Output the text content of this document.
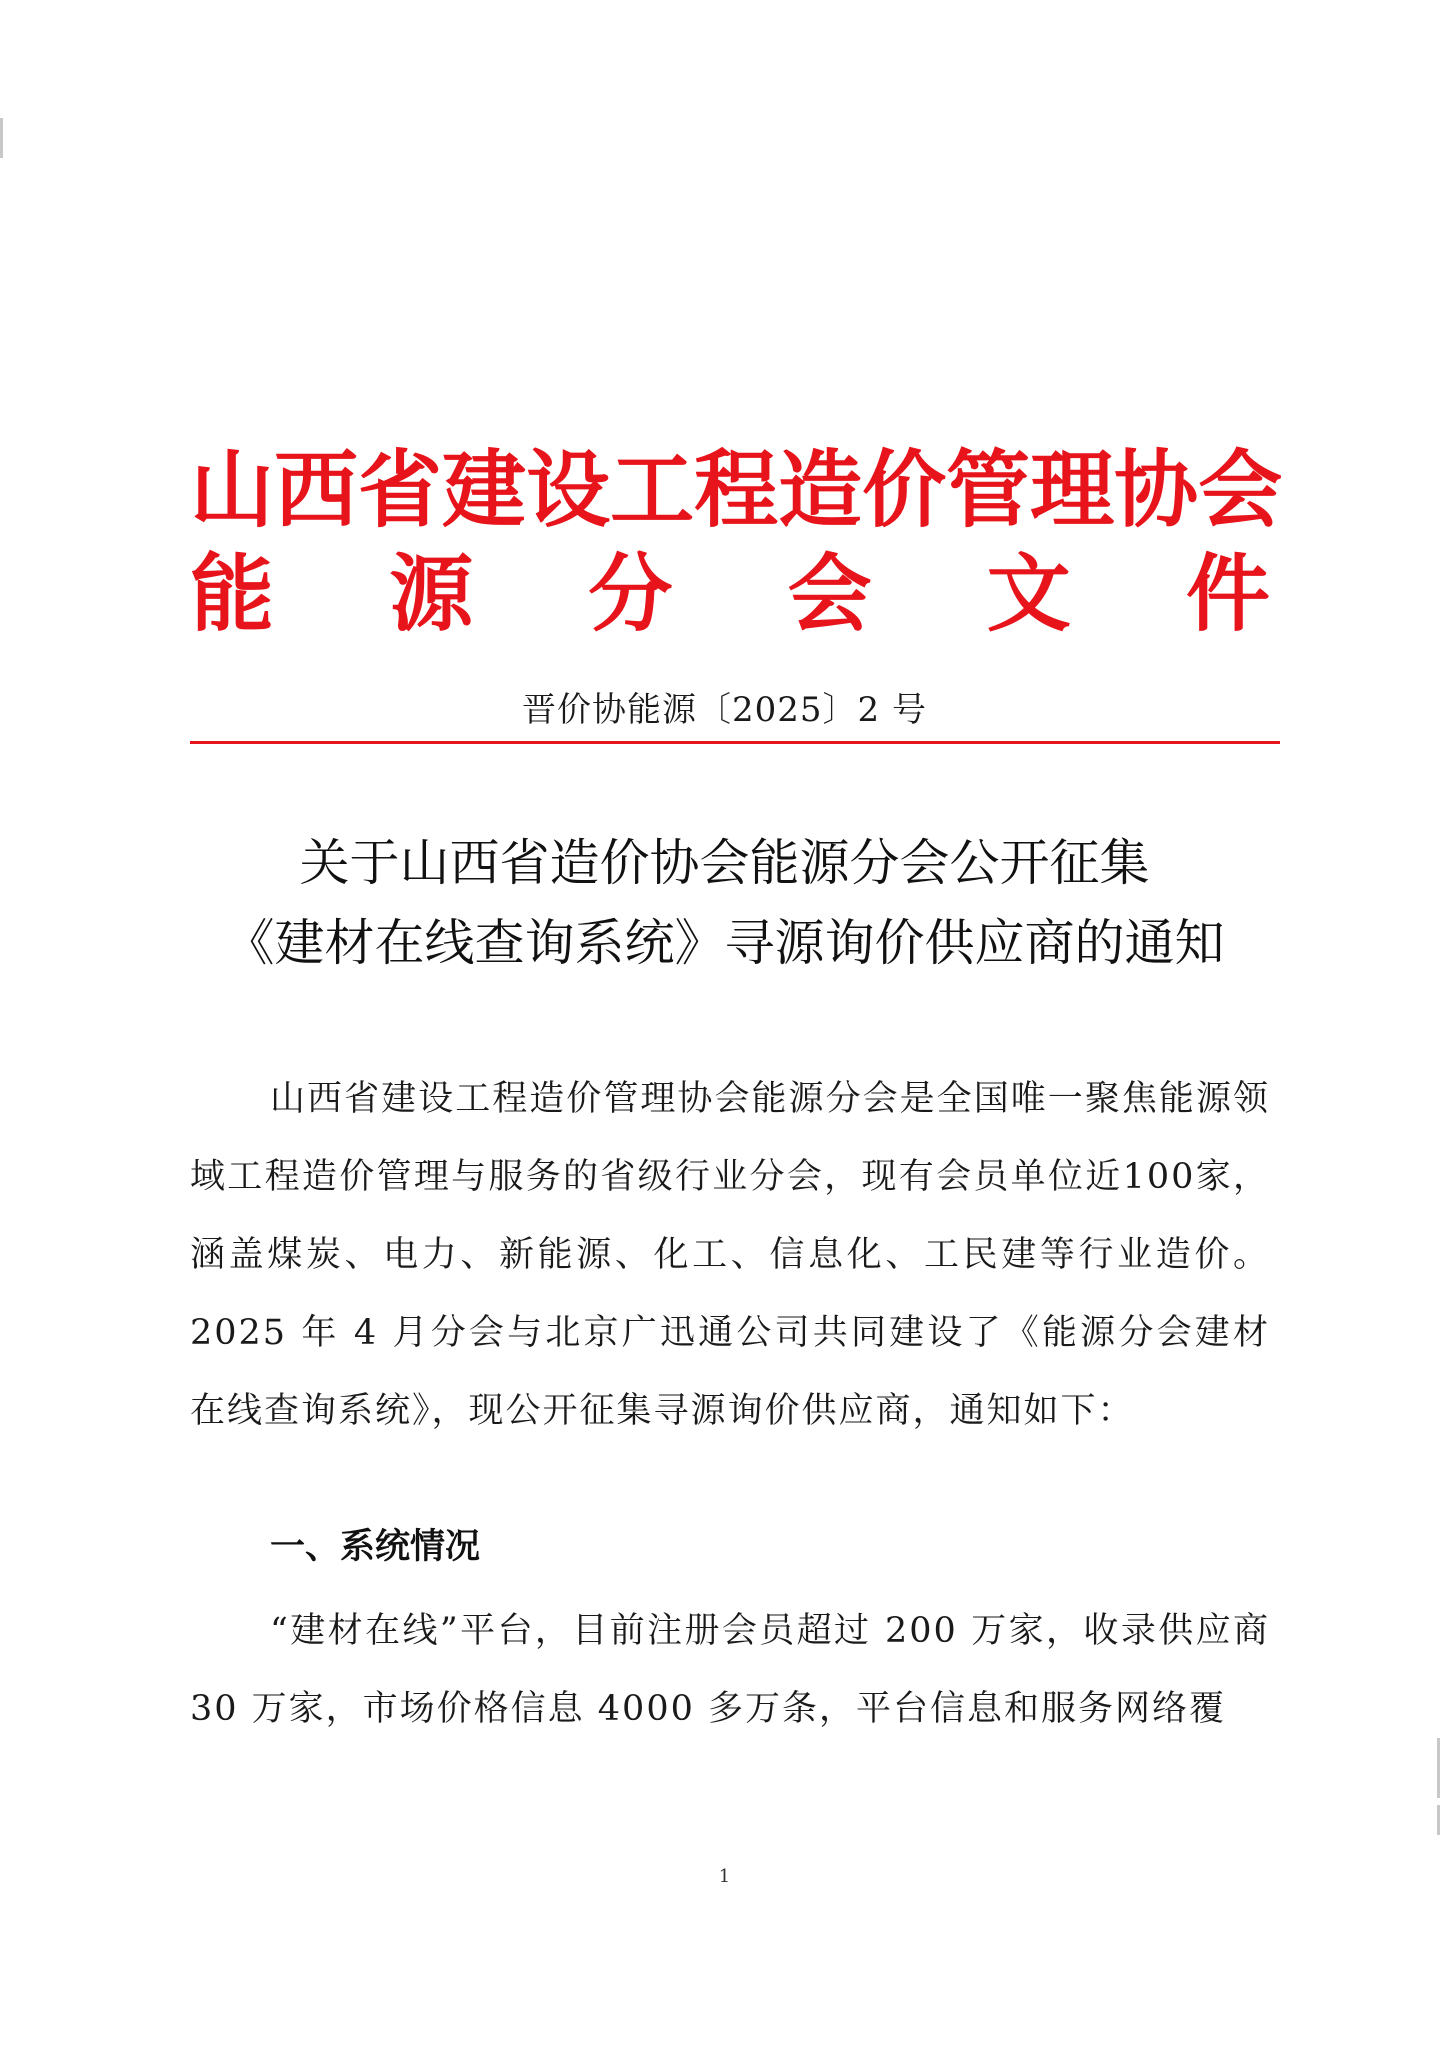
山 西 省 建 设 工 程 造 价 管 理 协 会
能 源 分 会 文 件
晋价协能源〔2025〕2 号
关于山西省造价协会能源分会公开征集
《建材在线查询系统》寻源询价供应商的通知

山西省建设工程造价管理协会能源分会是全国唯一聚焦能源领域工程造价管理与服务的省级行业分会，现有会员单位近100家，涵盖煤炭、电力、新能源、化工、信息化、工民建等行业造价。2025 年 4 月分会与北京广迅通公司共同建设了《能源分会建材在线查询系统》，现公开征集寻源询价供应商，通知如下：

一、系统情况

“建材在线”平台，目前注册会员超过 200 万家，收录供应商 30 万家，市场价格信息 4000 多万条，平台信息和服务网络覆

1
